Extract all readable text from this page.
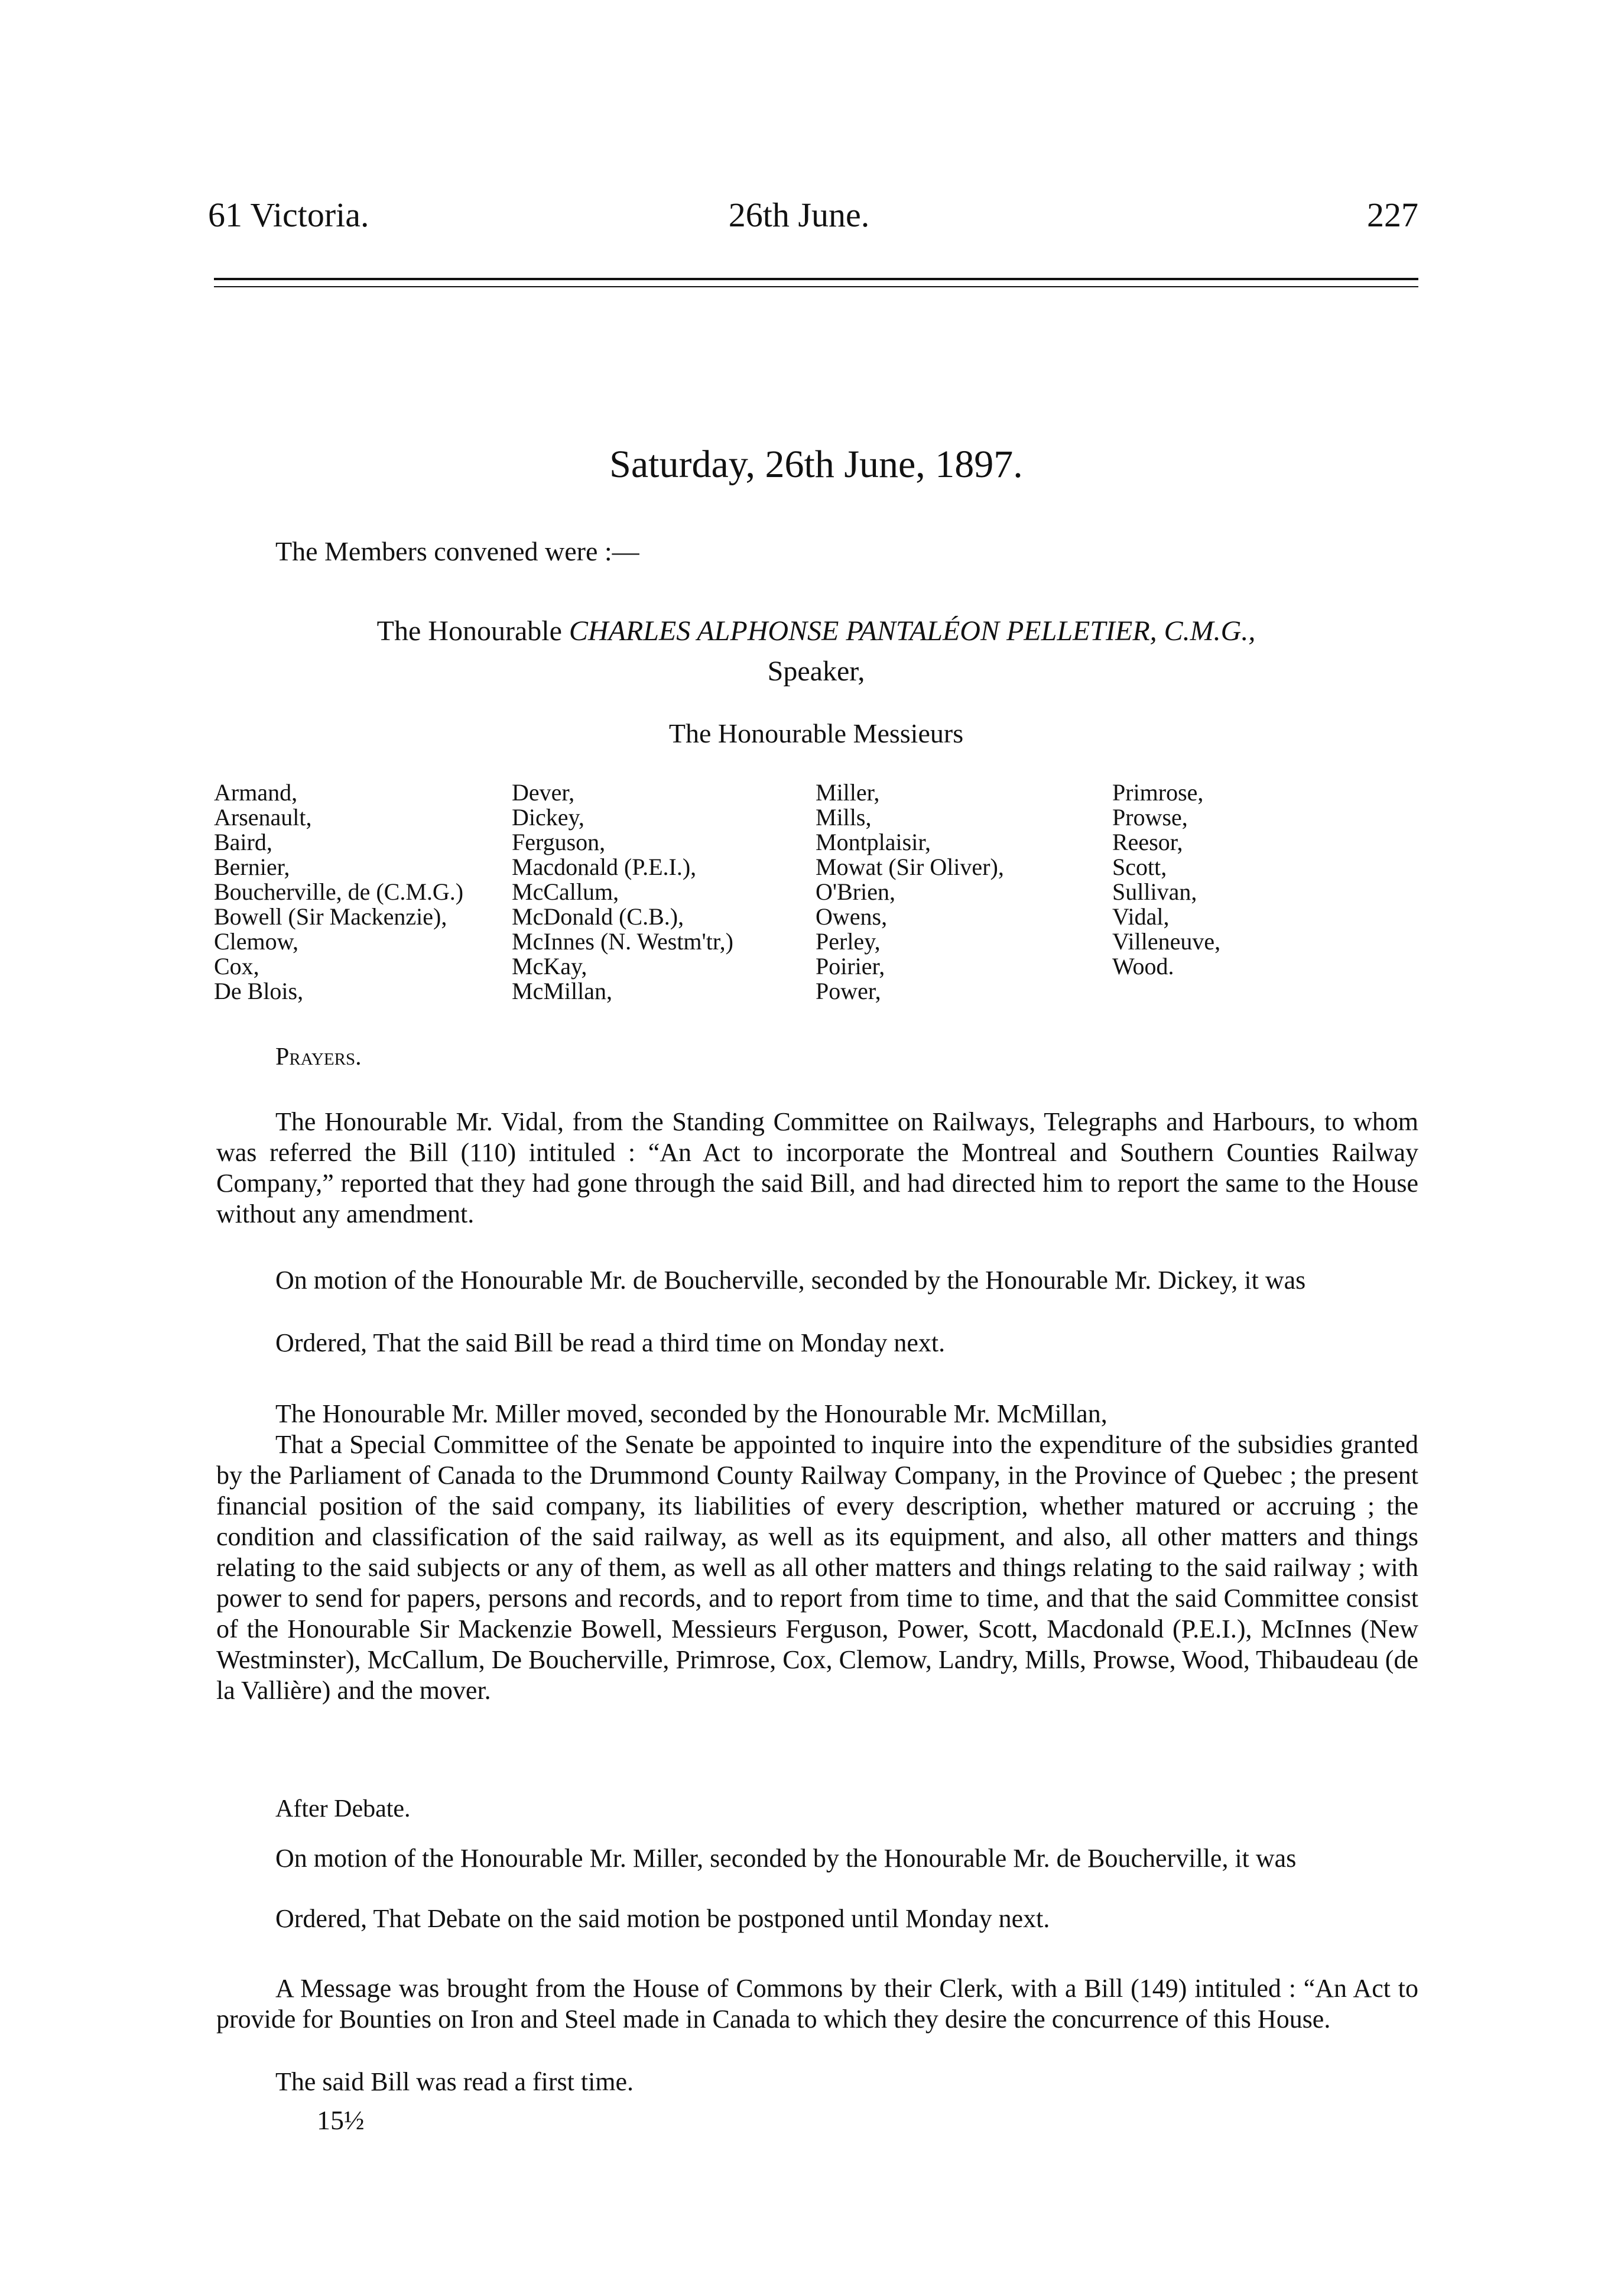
61 Victoria.	26th June.	227
Saturday, 26th June, 1897.
The Members convened were :—
The Honourable CHARLES ALPHONSE PANTALÉON PELLETIER, C.M.G.,
Speaker,
The Honourable Messieurs
Armand,
Arsenault,
Baird,
Bernier,
Boucherville, de (C.M.G.)
Bowell (Sir Mackenzie),
Clemow,
Cox,
De Blois,
Dever,
Dickey,
Ferguson,
Macdonald (P.E.I.),
McCallum,
McDonald (C.B.),
McInnes (N. Westm'tr,)
McKay,
McMillan,
Miller,
Mills,
Montplaisir,
Mowat (Sir Oliver),
O'Brien,
Owens,
Perley,
Poirier,
Power,
Primrose,
Prowse,
Reesor,
Scott,
Sullivan,
Vidal,
Villeneuve,
Wood.
Prayers.
The Honourable Mr. Vidal, from the Standing Committee on Railways, Telegraphs and Harbours, to whom was referred the Bill (110) intituled : “An Act to incorporate the Montreal and Southern Counties Railway Company,” reported that they had gone through the said Bill, and had directed him to report the same to the House without any amendment.
On motion of the Honourable Mr. de Boucherville, seconded by the Honourable Mr. Dickey, it was
Ordered, That the said Bill be read a third time on Monday next.
The Honourable Mr. Miller moved, seconded by the Honourable Mr. McMillan,
That a Special Committee of the Senate be appointed to inquire into the expenditure of the subsidies granted by the Parliament of Canada to the Drummond County Railway Company, in the Province of Quebec ; the present financial position of the said company, its liabilities of every description, whether matured or accruing ; the condition and classification of the said railway, as well as its equipment, and also, all other matters and things relating to the said subjects or any of them, as well as all other matters and things relating to the said railway ; with power to send for papers, persons and records, and to report from time to time, and that the said Committee consist of the Honourable Sir Mackenzie Bowell, Messieurs Ferguson, Power, Scott, Macdonald (P.E.I.), McInnes (New Westminster), McCallum, De Boucherville, Primrose, Cox, Clemow, Landry, Mills, Prowse, Wood, Thibaudeau (de la Vallière) and the mover.
After Debate.
On motion of the Honourable Mr. Miller, seconded by the Honourable Mr. de Boucherville, it was
Ordered, That Debate on the said motion be postponed until Monday next.
A Message was brought from the House of Commons by their Clerk, with a Bill (149) intituled : “An Act to provide for Bounties on Iron and Steel made in Canada to which they desire the concurrence of this House.
The said Bill was read a first time.
15½
